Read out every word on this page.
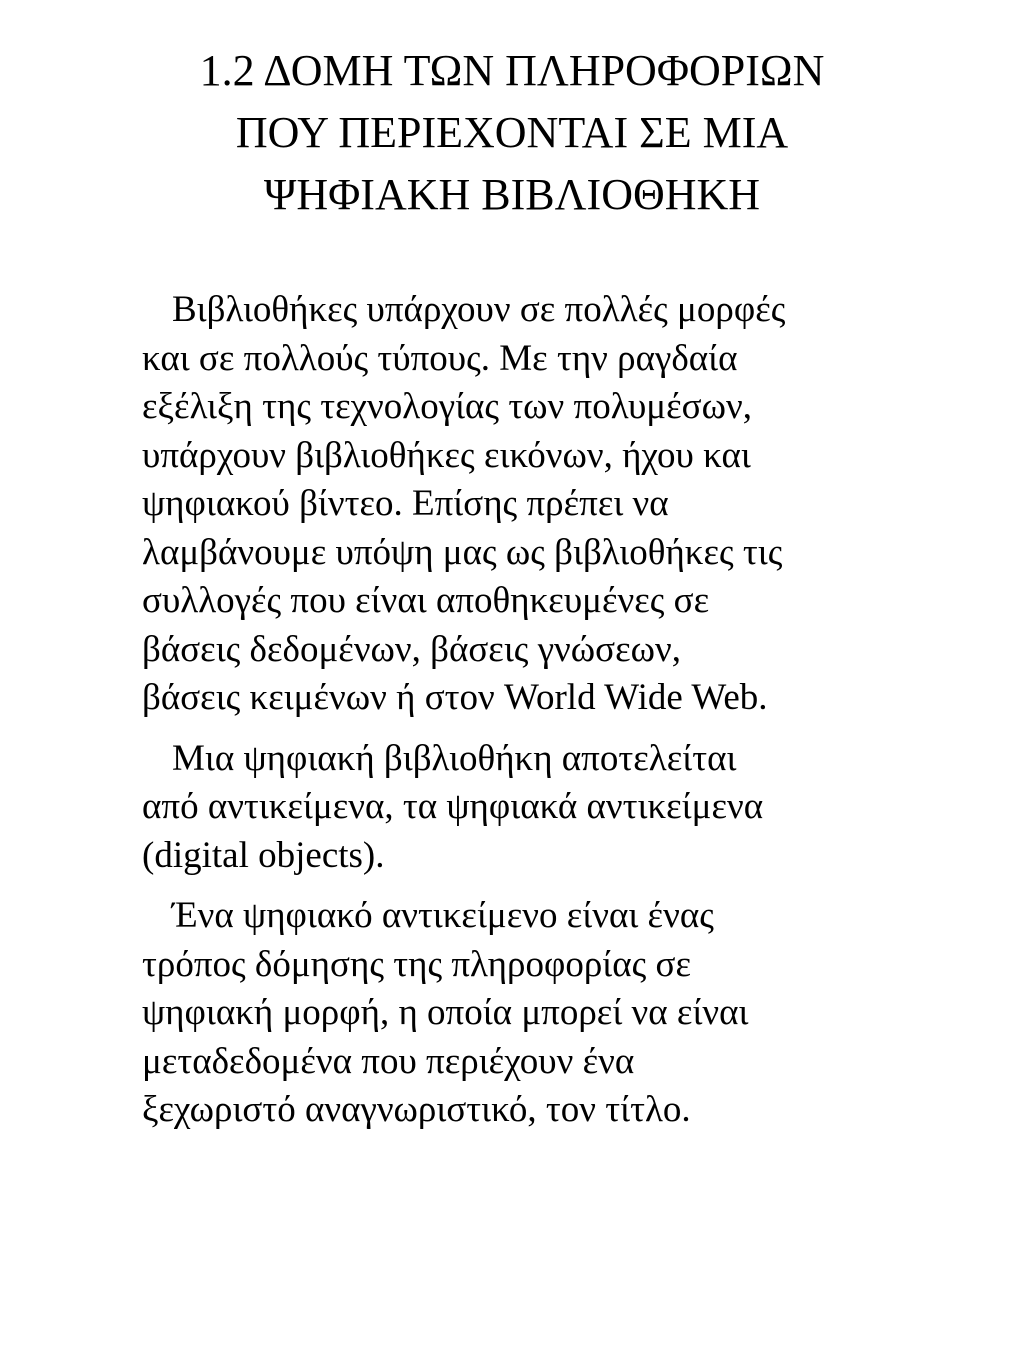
1.2 ΔΟΜΗ ΤΩΝ ΠΛΗΡΟΦΟΡΙΩΝ
ΠΟΥ ΠΕΡΙΕΧΟΝΤΑΙ ΣΕ ΜΙΑ
ΨΗΦΙΑΚΗ ΒΙΒΛΙΟΘΗΚΗ

Βιβλιοθήκες υπάρχουν σε πολλές μορφές
και σε πολλούς τύπους. Με την ραγδαία
εξέλιξη της τεχνολογίας των πολυμέσων,
υπάρχουν βιβλιοθήκες εικόνων, ήχου και
ψηφιακού βίντεο. Επίσης πρέπει να
λαμβάνουμε υπόψη μας ως βιβλιοθήκες τις
συλλογές που είναι αποθηκευμένες σε
βάσεις δεδομένων, βάσεις γνώσεων,
βάσεις κειμένων ή στον World Wide Web.

Μια ψηφιακή βιβλιοθήκη αποτελείται
από αντικείμενα, τα ψηφιακά αντικείμενα
(digital objects).

Ένα ψηφιακό αντικείμενο είναι ένας
τρόπος δόμησης της πληροφορίας σε
ψηφιακή μορφή, η οποία μπορεί να είναι
μεταδεδομένα που περιέχουν ένα
ξεχωριστό αναγνωριστικό, τον τίτλο.
